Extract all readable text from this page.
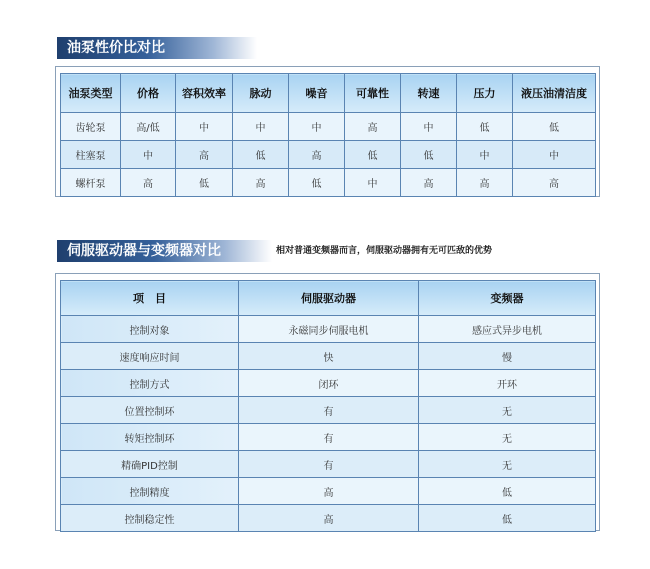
油泵性价比对比
油泵类型	价格	容积效率	脉动	噪音	可靠性	转速	压力	液压油清洁度
齿轮泵	高/低	中	中	中	高	中	低	低
柱塞泵	中	高	低	高	低	低	中	中
螺杆泵	高	低	高	低	中	高	高	高
伺服驱动器与变频器对比	相对普通变频器而言，伺服驱动器拥有无可匹敌的优势
项　目	伺服驱动器	变频器
控制对象	永磁同步伺服电机	感应式异步电机
速度响应时间	快	慢
控制方式	闭环	开环
位置控制环	有	无
转矩控制环	有	无
精确PID控制	有	无
控制精度	高	低
控制稳定性	高	低
